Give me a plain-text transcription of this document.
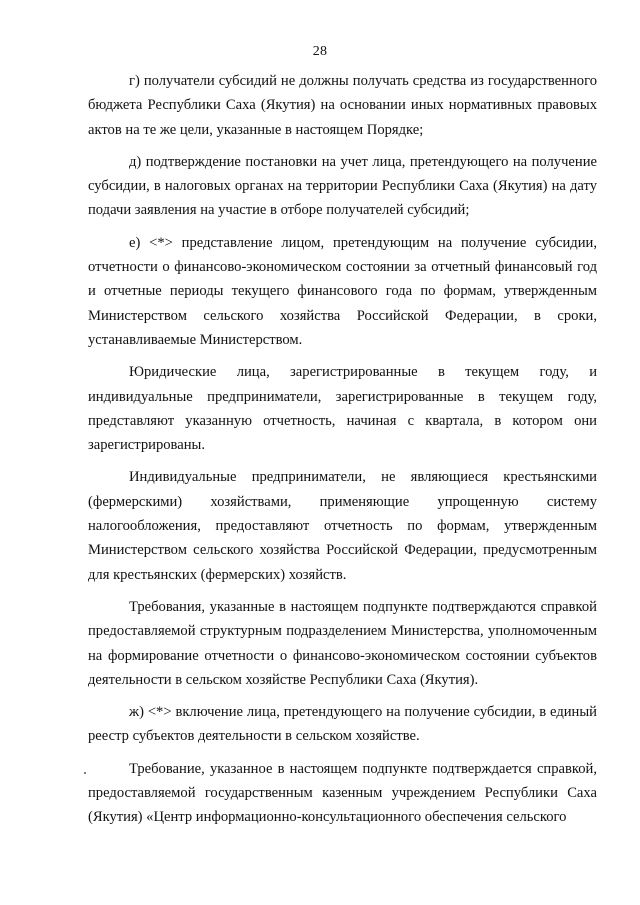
28

г) получатели субсидий не должны получать средства из государственного бюджета Республики Саха (Якутия) на основании иных нормативных правовых актов на те же цели, указанные в настоящем Порядке;

д) подтверждение постановки на учет лица, претендующего на получение субсидии, в налоговых органах на территории Республики Саха (Якутия) на дату подачи заявления на участие в отборе получателей субсидий;

е) <*> представление лицом, претендующим на получение субсидии, отчетности о финансово-экономическом состоянии за отчетный финансовый год и отчетные периоды текущего финансового года по формам, утвержденным Министерством сельского хозяйства Российской Федерации, в сроки, устанавливаемые Министерством.

Юридические лица, зарегистрированные в текущем году, и индивидуальные предприниматели, зарегистрированные в текущем году, представляют указанную отчетность, начиная с квартала, в котором они зарегистрированы.

Индивидуальные предприниматели, не являющиеся крестьянскими (фермерскими) хозяйствами, применяющие упрощенную систему налогообложения, предоставляют отчетность по формам, утвержденным Министерством сельского хозяйства Российской Федерации, предусмотренным для крестьянских (фермерских) хозяйств.

Требования, указанные в настоящем подпункте подтверждаются справкой предоставляемой структурным подразделением Министерства, уполномоченным на формирование отчетности о финансово-экономическом состоянии субъектов деятельности в сельском хозяйстве Республики Саха (Якутия).

ж) <*> включение лица, претендующего на получение субсидии, в единый реестр субъектов деятельности в сельском хозяйстве.

Требование, указанное в настоящем подпункте подтверждается справкой, предоставляемой государственным казенным учреждением Республики Саха (Якутия) «Центр информационно-консультационного обеспечения сельского
